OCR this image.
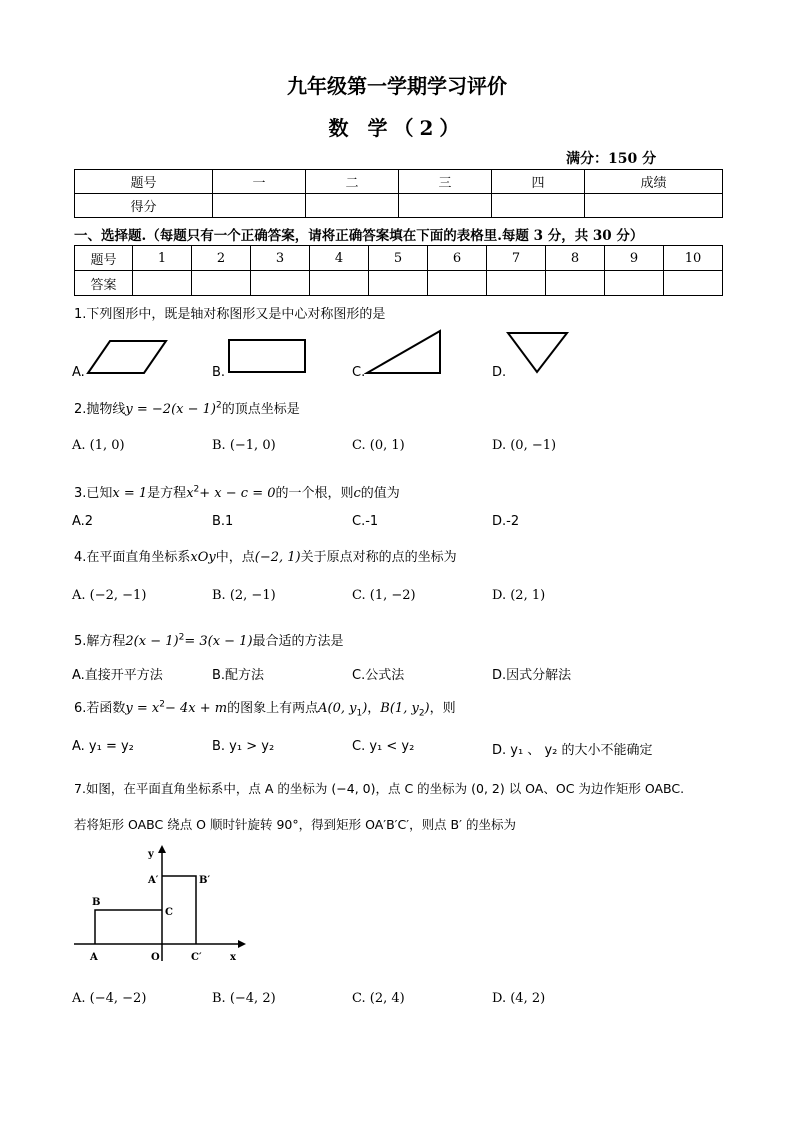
九年级第一学期学习评价
数 学（2）
满分：150 分
题号	一	二	三	四	成绩
得分					
一、选择题.（每题只有一个正确答案，请将正确答案填在下面的表格里.每题 3 分，共 30 分）
题号	1	2	3	4	5	6	7	8	9	10
答案										
1.下列图形中，既是轴对称图形又是中心对称图形的是
A.	B.	C.	D.
2.抛物线$y = -2(x - 1)^2$的顶点坐标是
A. (1, 0)	B. (−1, 0)	C. (0, 1)	D. (0, −1)
3.已知x = 1是方程$x^2+ x - c = 0$的一个根，则c的值为
A.2	B.1	C.-1	D.-2
4.在平面直角坐标系xOy中，点(−2, 1)关于原点对称的点的坐标为
A. (−2, −1)	B. (2, −1)	C. (1, −2)	D. (2, 1)
5.解方程$2(x - 1)^2= 3(x - 1)$最合适的方法是
A.直接开平方法	B.配方法	C.公式法	D.因式分解法
6.若函数$y = x^2- 4x + m$的图象上有两点A(0, $y_1$)，B(1, $y_2$)，则
A. y₁ = y₂	B. y₁ > y₂	C. y₁ < y₂	D. y₁ 、 y₂ 的大小不能确定
7.如图，在平面直角坐标系中，点 A 的坐标为 (−4, 0)，点 C 的坐标为 (0, 2) 以 OA、OC 为边作矩形 OABC.
若将矩形 OABC 绕点 O 顺时针旋转 90°，得到矩形 OA′B′C′，则点 B′ 的坐标为
y
x
A
B
C
O
A′	B′
C′
A. (−4, −2)	B. (−4, 2)	C. (2, 4)	D. (4, 2)
